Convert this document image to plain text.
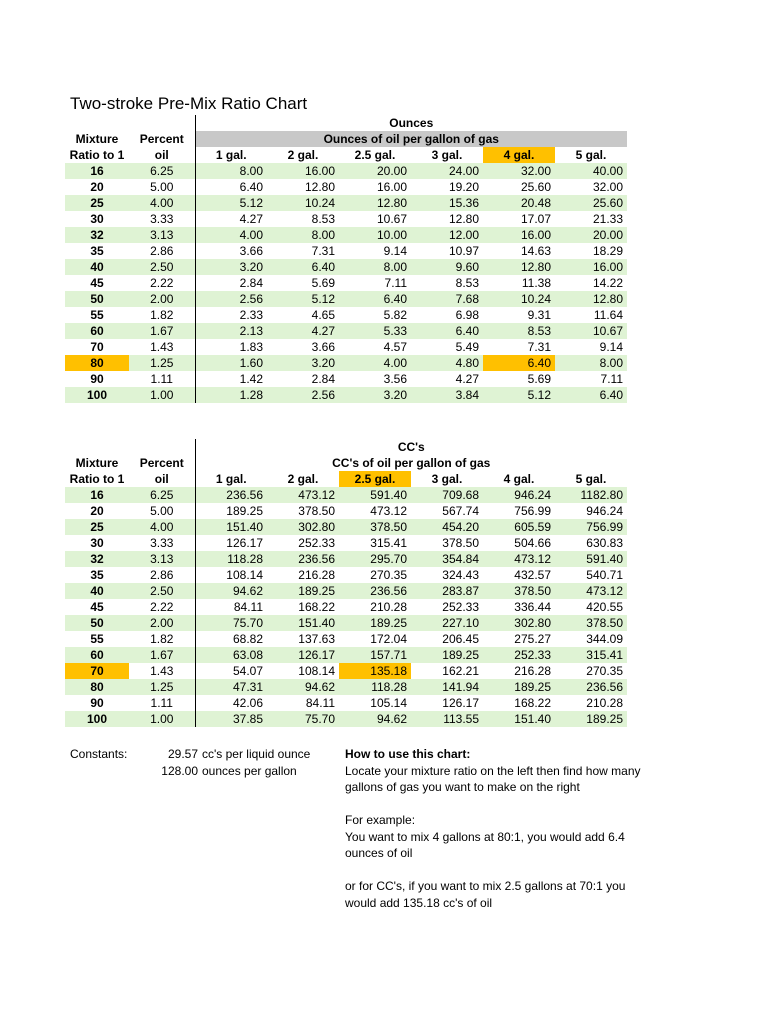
Two-stroke Pre-Mix Ratio Chart
		Ounces					
Mixture	Percent	Ounces of oil per gallon of gas					
Ratio to 1	oil	1 gal.	2 gal.	2.5 gal.	3 gal.	4 gal.	5 gal.
16	6.25	8.00	16.00	20.00	24.00	32.00	40.00
20	5.00	6.40	12.80	16.00	19.20	25.60	32.00
25	4.00	5.12	10.24	12.80	15.36	20.48	25.60
30	3.33	4.27	8.53	10.67	12.80	17.07	21.33
32	3.13	4.00	8.00	10.00	12.00	16.00	20.00
35	2.86	3.66	7.31	9.14	10.97	14.63	18.29
40	2.50	3.20	6.40	8.00	9.60	12.80	16.00
45	2.22	2.84	5.69	7.11	8.53	11.38	14.22
50	2.00	2.56	5.12	6.40	7.68	10.24	12.80
55	1.82	2.33	4.65	5.82	6.98	9.31	11.64
60	1.67	2.13	4.27	5.33	6.40	8.53	10.67
70	1.43	1.83	3.66	4.57	5.49	7.31	9.14
80	1.25	1.60	3.20	4.00	4.80	6.40	8.00
90	1.11	1.42	2.84	3.56	4.27	5.69	7.11
100	1.00	1.28	2.56	3.20	3.84	5.12	6.40
		CC's					
Mixture	Percent	CC's of oil per gallon of gas					
Ratio to 1	oil	1 gal.	2 gal.	2.5 gal.	3 gal.	4 gal.	5 gal.
16	6.25	236.56	473.12	591.40	709.68	946.24	1182.80
20	5.00	189.25	378.50	473.12	567.74	756.99	946.24
25	4.00	151.40	302.80	378.50	454.20	605.59	756.99
30	3.33	126.17	252.33	315.41	378.50	504.66	630.83
32	3.13	118.28	236.56	295.70	354.84	473.12	591.40
35	2.86	108.14	216.28	270.35	324.43	432.57	540.71
40	2.50	94.62	189.25	236.56	283.87	378.50	473.12
45	2.22	84.11	168.22	210.28	252.33	336.44	420.55
50	2.00	75.70	151.40	189.25	227.10	302.80	378.50
55	1.82	68.82	137.63	172.04	206.45	275.27	344.09
60	1.67	63.08	126.17	157.71	189.25	252.33	315.41
70	1.43	54.07	108.14	135.18	162.21	216.28	270.35
80	1.25	47.31	94.62	118.28	141.94	189.25	236.56
90	1.11	42.06	84.11	105.14	126.17	168.22	210.28
100	1.00	37.85	75.70	94.62	113.55	151.40	189.25
Constants:	29.57 cc's per liquid ounce
128.00 ounces per gallon
How to use this chart:

Locate your mixture ratio on the left then find how many gallons of gas you want to make on the right

For example:

You want to mix 4 gallons at 80:1, you would add 6.4 ounces of oil

or for CC's, if you want to mix 2.5 gallons at 70:1 you would add 135.18 cc's of oil
